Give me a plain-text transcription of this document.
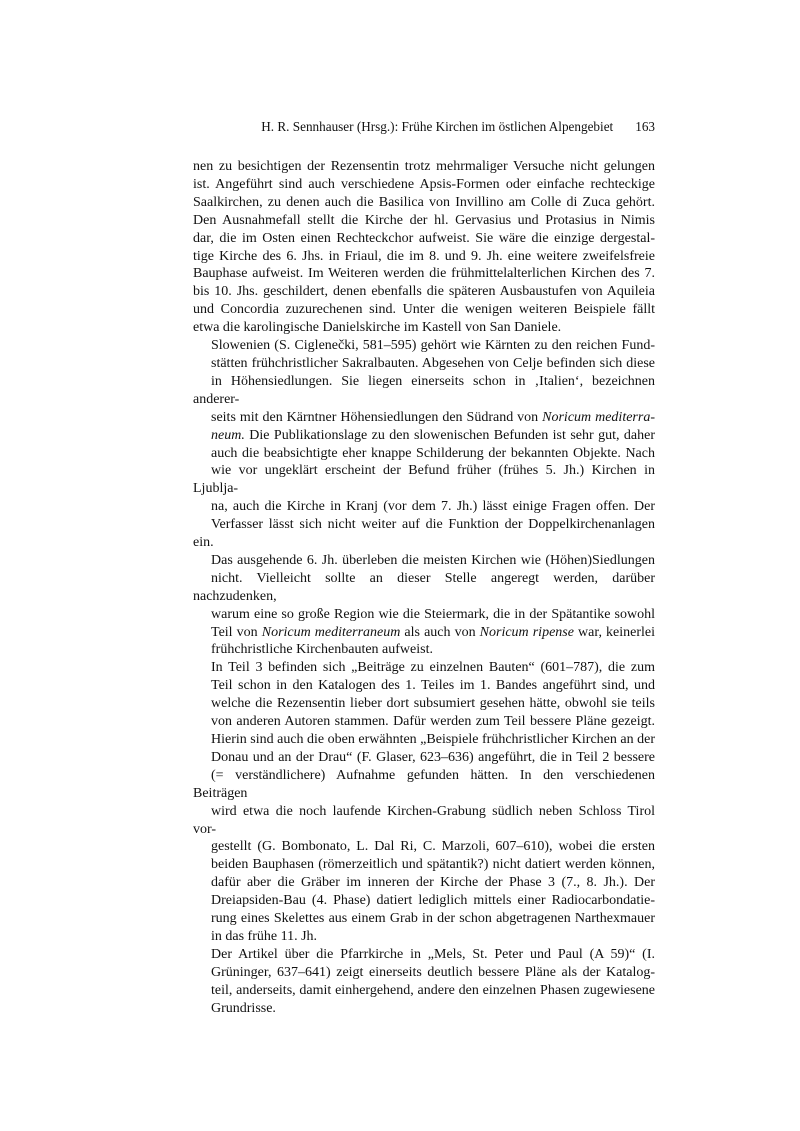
H. R. Sennhauser (Hrsg.): Frühe Kirchen im östlichen Alpengebiet 163

nen zu besichtigen der Rezensentin trotz mehrmaliger Versuche nicht gelungen
ist. Angeführt sind auch verschiedene Apsis-Formen oder einfache rechteckige
Saalkirchen, zu denen auch die Basilica von Invillino am Colle di Zuca gehört.
Den Ausnahmefall stellt die Kirche der hl. Gervasius und Protasius in Nimis
dar, die im Osten einen Rechteckchor aufweist. Sie wäre die einzige dergestal-
tige Kirche des 6. Jhs. in Friaul, die im 8. und 9. Jh. eine weitere zweifelsfreie
Bauphase aufweist. Im Weiteren werden die frühmittelalterlichen Kirchen des 7.
bis 10. Jhs. geschildert, denen ebenfalls die späteren Ausbaustufen von Aquileia
und Concordia zuzurechenen sind. Unter die wenigen weiteren Beispiele fällt
etwa die karolingische Danielskirche im Kastell von San Daniele.

Slowenien (S. Ciglenečki, 581–595) gehört wie Kärnten zu den reichen Fund-
stätten frühchristlicher Sakralbauten. Abgesehen von Celje befinden sich diese
in Höhensiedlungen. Sie liegen einerseits schon in ‚Italien‘, bezeichnen anderer-
seits mit den Kärntner Höhensiedlungen den Südrand von Noricum mediterra-
neum. Die Publikationslage zu den slowenischen Befunden ist sehr gut, daher
auch die beabsichtigte eher knappe Schilderung der bekannten Objekte. Nach
wie vor ungeklärt erscheint der Befund früher (frühes 5. Jh.) Kirchen in Ljublja-
na, auch die Kirche in Kranj (vor dem 7. Jh.) lässt einige Fragen offen. Der
Verfasser lässt sich nicht weiter auf die Funktion der Doppelkirchenanlagen ein.
Das ausgehende 6. Jh. überleben die meisten Kirchen wie (Höhen)Siedlungen
nicht. Vielleicht sollte an dieser Stelle angeregt werden, darüber nachzudenken,
warum eine so große Region wie die Steiermark, die in der Spätantike sowohl
Teil von Noricum mediterraneum als auch von Noricum ripense war, keinerlei
frühchristliche Kirchenbauten aufweist.

In Teil 3 befinden sich „Beiträge zu einzelnen Bauten“ (601–787), die zum
Teil schon in den Katalogen des 1. Teiles im 1. Bandes angeführt sind, und
welche die Rezensentin lieber dort subsumiert gesehen hätte, obwohl sie teils
von anderen Autoren stammen. Dafür werden zum Teil bessere Pläne gezeigt.
Hierin sind auch die oben erwähnten „Beispiele frühchristlicher Kirchen an der
Donau und an der Drau“ (F. Glaser, 623–636) angeführt, die in Teil 2 bessere
(= verständlichere) Aufnahme gefunden hätten. In den verschiedenen Beiträgen
wird etwa die noch laufende Kirchen-Grabung südlich neben Schloss Tirol vor-
gestellt (G. Bombonato, L. Dal Ri, C. Marzoli, 607–610), wobei die ersten
beiden Bauphasen (römerzeitlich und spätantik?) nicht datiert werden können,
dafür aber die Gräber im inneren der Kirche der Phase 3 (7., 8. Jh.). Der
Dreiapsiden-Bau (4. Phase) datiert lediglich mittels einer Radiocarbondatie-
rung eines Skelettes aus einem Grab in der schon abgetragenen Narthexmauer
in das frühe 11. Jh.

Der Artikel über die Pfarrkirche in „Mels, St. Peter und Paul (A 59)“ (I.
Grüninger, 637–641) zeigt einerseits deutlich bessere Pläne als der Katalog-
teil, anderseits, damit einhergehend, andere den einzelnen Phasen zugewiesene
Grundrisse.
